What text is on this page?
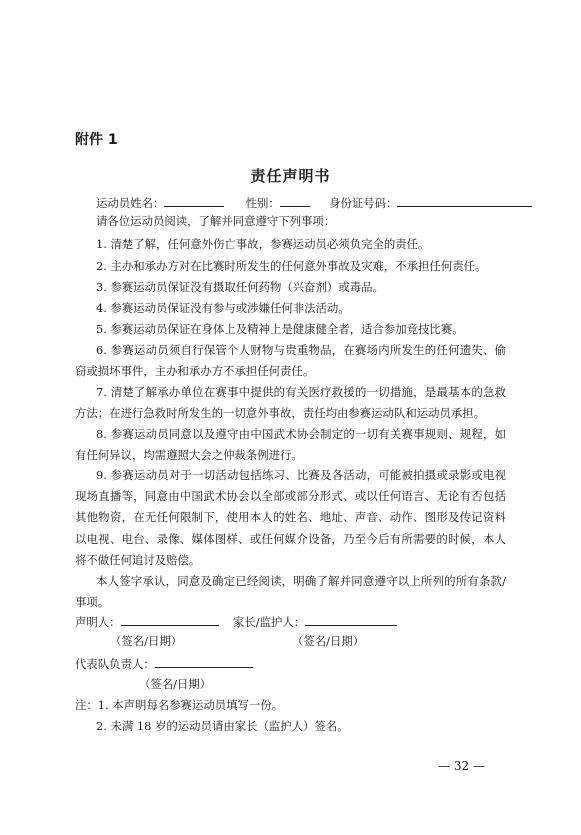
附件 1
责任声明书
运动员姓名：	性别：	身份证号码：
请各位运动员阅读，了解并同意遵守下列事项：
1. 清楚了解，任何意外伤亡事故，参赛运动员必须负完全的责任。
2. 主办和承办方对在比赛时所发生的任何意外事故及灾难，不承担任何责任。
3. 参赛运动员保证没有摄取任何药物（兴奋剂）或毒品。
4. 参赛运动员保证没有参与或涉嫌任何非法活动。
5. 参赛运动员保证在身体上及精神上是健康健全者，适合参加竞技比赛。
6. 参赛运动员须自行保管个人财物与贵重物品，在赛场内所发生的任何遗失、偷窃或损坏事件，主办和承办方不承担任何责任。
7. 清楚了解承办单位在赛事中提供的有关医疗救援的一切措施，是最基本的急救方法；在进行急救时所发生的一切意外事故，责任均由参赛运动队和运动员承担。
8. 参赛运动员同意以及遵守由中国武术协会制定的一切有关赛事规则、规程，如有任何异议，均需遵照大会之仲裁条例进行。
9. 参赛运动员对于一切活动包括练习、比赛及各活动，可能被拍摄或录影或电视现场直播等，同意由中国武术协会以全部或部分形式、或以任何语言、无论有否包括其他物资，在无任何限制下，使用本人的姓名、地址、声音、动作、图形及传记资料以电视、电台、录像、媒体图样、或任何媒介设备，乃至今后有所需要的时候，本人将不做任何追讨及赔偿。
本人签字承认，同意及确定已经阅读，明确了解并同意遵守以上所列的所有条款/事项。
声明人：	家长/监护人：
（签名/日期）	（签名/日期）
代表队负责人：
（签名/日期）
注：1. 本声明每名参赛运动员填写一份。
2. 未满 18 岁的运动员请由家长（监护人）签名。
— 32 —
